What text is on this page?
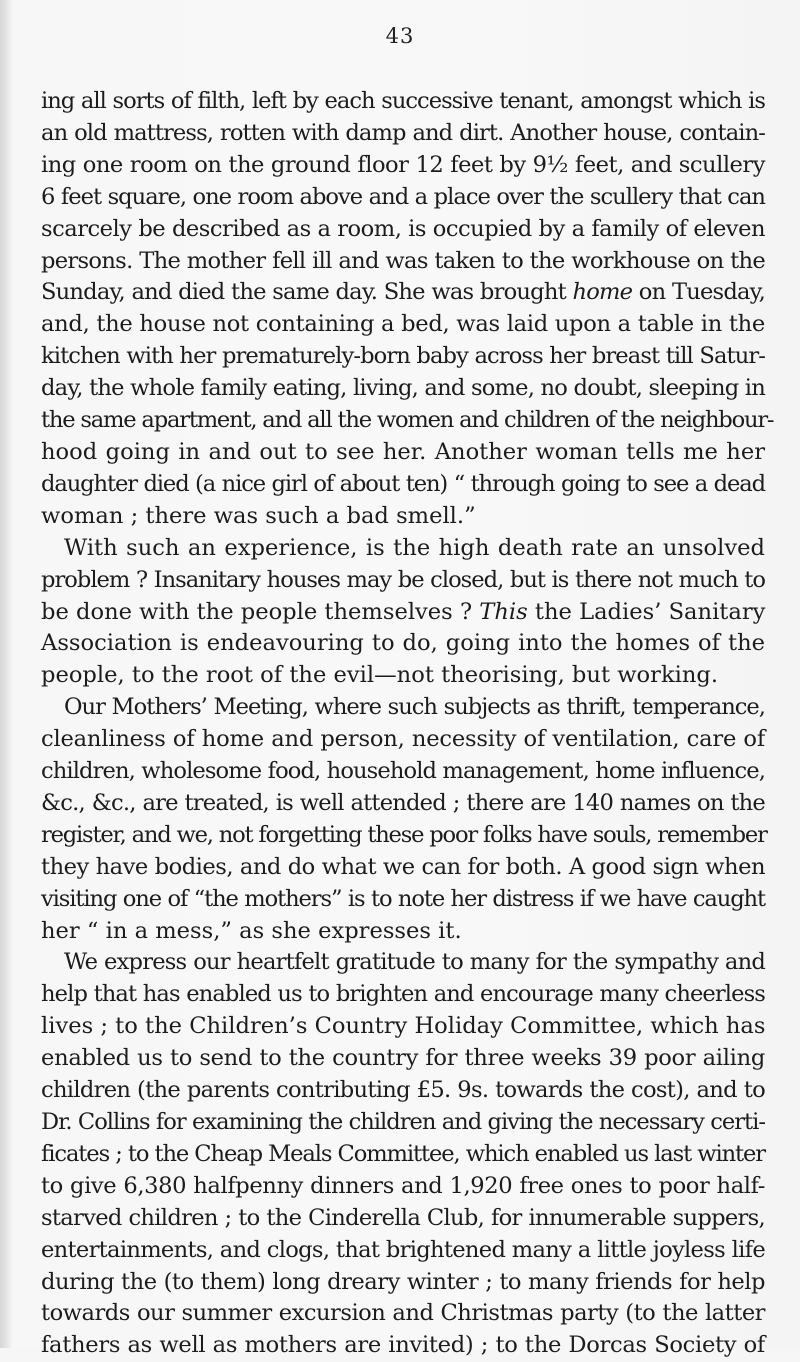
43
ing all sorts of filth, left by each successive tenant, amongst which is
an old mattress, rotten with damp and dirt. Another house, contain-
ing one room on the ground floor 12 feet by 9½ feet, and scullery
6 feet square, one room above and a place over the scullery that can
scarcely be described as a room, is occupied by a family of eleven
persons. The mother fell ill and was taken to the workhouse on the
Sunday, and died the same day. She was brought home on Tuesday,
and, the house not containing a bed, was laid upon a table in the
kitchen with her prematurely-born baby across her breast till Satur-
day, the whole family eating, living, and some, no doubt, sleeping in
the same apartment, and all the women and children of the neighbour-
hood going in and out to see her. Another woman tells me her
daughter died (a nice girl of about ten) “ through going to see a dead
woman ; there was such a bad smell.”
With such an experience, is the high death rate an unsolved
problem ? Insanitary houses may be closed, but is there not much to
be done with the people themselves ? This the Ladies’ Sanitary
Association is endeavouring to do, going into the homes of the
people, to the root of the evil—not theorising, but working.
Our Mothers’ Meeting, where such subjects as thrift, temperance,
cleanliness of home and person, necessity of ventilation, care of
children, wholesome food, household management, home influence,
&c., &c., are treated, is well attended ; there are 140 names on the
register, and we, not forgetting these poor folks have souls, remember
they have bodies, and do what we can for both. A good sign when
visiting one of “the mothers” is to note her distress if we have caught
her “ in a mess,” as she expresses it.
We express our heartfelt gratitude to many for the sympathy and
help that has enabled us to brighten and encourage many cheerless
lives ; to the Children’s Country Holiday Committee, which has
enabled us to send to the country for three weeks 39 poor ailing
children (the parents contributing £5. 9s. towards the cost), and to
Dr. Collins for examining the children and giving the necessary certi-
ficates ; to the Cheap Meals Committee, which enabled us last winter
to give 6,380 halfpenny dinners and 1,920 free ones to poor half-
starved children ; to the Cinderella Club, for innumerable suppers,
entertainments, and clogs, that brightened many a little joyless life
during the (to them) long dreary winter ; to many friends for help
towards our summer excursion and Christmas party (to the latter
fathers as well as mothers are invited) ; to the Dorcas Society of
